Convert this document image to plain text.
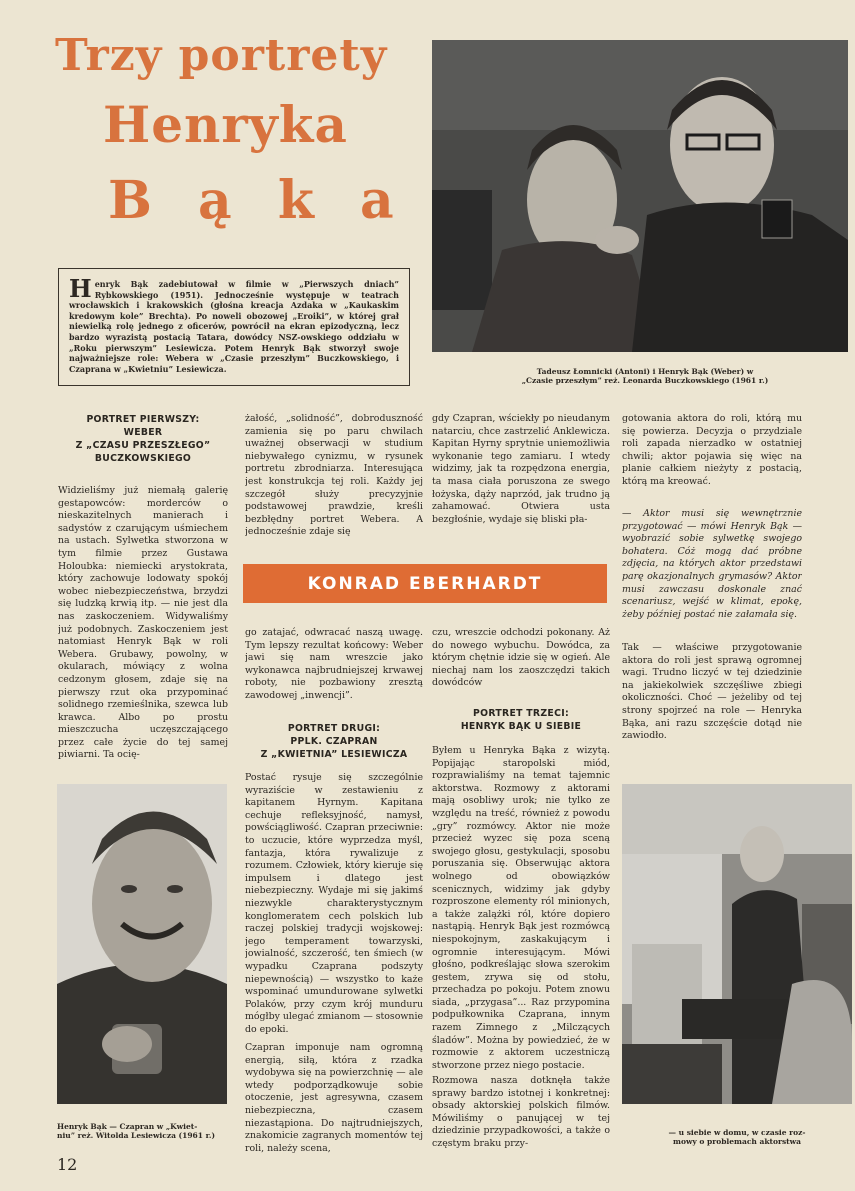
Trzy portrety
Henryka
B ą k a
Tadeusz Łomnicki (Antoni) i Henryk Bąk (Weber) w
„Czasie przeszłym” reż. Leonarda Buczkowskiego (1961 r.)
Henryk Bąk zadebiutował w filmie w „Pierwszych dniach” Rybkowskiego (1951). Jednocześnie występuje w teatrach wrocławskich i krakowskich (głośna kreacja Azdaka w „Kaukaskim kredowym kole” Brechta). Po noweli obozowej „Eroiki”, w której grał niewielką rolę jednego z oficerów, powrócił na ekran epizodyczną, lecz bardzo wyrazistą postacią Tatara, dowódcy NSZ-owskiego oddziału w „Roku pierwszym” Lesiewicza. Potem Henryk Bąk stworzył swoje najważniejsze role: Webera w „Czasie przeszłym” Buczkowskiego, i Czaprana w „Kwietniu” Lesiewicza.
PORTRET PIERWSZY:
WEBER
Z „CZASU PRZESZŁEGO”
BUCZKOWSKIEGO
Widzieliśmy już niemałą galerię gestapowców: morderców o nieskazitelnych manierach i sadystów z czarującym uśmiechem na ustach. Sylwetka stworzona w tym filmie przez Gustawa Holoubka: niemiecki arystokrata, który zachowuje lodowaty spokój wobec niebezpieczeństwa, brzydzi się ludzką krwią itp. — nie jest dla nas zaskoczeniem. Widywaliśmy już podobnych. Zaskoczeniem jest natomiast Henryk Bąk w roli Webera. Grubawy, powolny, w okularach, mówiący z wolna cedzonym głosem, zdaje się na pierwszy rzut oka przypominać solidnego rzemieślnika, szewca lub krawca. Albo po prostu mieszczucha uczęszczającego przez całe życie do tej samej piwiarni. Ta ocię-
żałość, „solidność”, dobroduszność zamienia się po paru chwilach uważnej obserwacji w studium niebywałego cynizmu, w rysunek portretu zbrodniarza. Interesująca jest konstrukcja tej roli. Każdy jej szczegół służy precyzyjnie podstawowej prawdzie, kreśli bezbłędny portret Webera. A jednocześnie zdaje się
gdy Czapran, wściekły po nieudanym natarciu, chce zastrzelić Anklewicza. Kapitan Hyrny sprytnie uniemożliwia wykonanie tego zamiaru. I wtedy widzimy, jak ta rozpędzona energia, ta masa ciała poruszona ze swego łożyska, dąży naprzód, jak trudno ją zahamować. Otwiera usta bezgłośnie, wydaje się bliski pła-
gotowania aktora do roli, którą mu się powierza. Decyzja o przydziale roli zapada nierzadko w ostatniej chwili; aktor pojawia się więc na planie całkiem nieżyty z postacią, którą ma kreować.
— Aktor musi się wewnętrznie przygotować — mówi Henryk Bąk — wyobrazić sobie sylwetkę swojego bohatera. Cóż mogą dać próbne zdjęcia, na których aktor przedstawi parę okazjonalnych grymasów? Aktor musi zawczasu doskonale znać scenariusz, wejść w klimat, epokę, żeby później postać nie załamała się.
Tak — właściwe przygotowanie aktora do roli jest sprawą ogromnej wagi. Trudno liczyć w tej dziedzinie na jakiekolwiek szczęśliwe zbiegi okoliczności. Choć — jeżeliby od tej strony spojrzeć na role — Henryka Bąka, ani razu szczęście dotąd nie zawiodło.
KONRAD EBERHARDT
go zatajać, odwracać naszą uwagę. Tym lepszy rezultat końcowy: Weber jawi się nam wreszcie jako wykonawca najbrudniejszej krwawej roboty, nie pozbawiony zresztą zawodowej „inwencji”.
czu, wreszcie odchodzi pokonany. Aż do nowego wybuchu. Dowódca, za którym chętnie idzie się w ogień. Ale niechaj nam los zaoszczędzi takich dowódców
PORTRET DRUGI:
PPLK. CZAPRAN
Z „KWIETNIA” LESIEWICZA
PORTRET TRZECI:
HENRYK BĄK U SIEBIE
Postać rysuje się szczególnie wyraziście w zestawieniu z kapitanem Hyrnym. Kapitana cechuje refleksyjność, namysł, powściągliwość. Czapran przeciwnie: to uczucie, które wyprzedza myśl, fantazja, która rywalizuje z rozumem. Człowiek, który kieruje się impulsem i dlatego jest niebezpieczny. Wydaje mi się jakimś niezwykle charakterystycznym konglomeratem cech polskich lub raczej polskiej tradycji wojskowej: jego temperament towarzyski, jowialność, szczerość, ten śmiech (w wypadku Czaprana podszyty niepewnością) — wszystko to każe wspominać umundurowane sylwetki Polaków, przy czym krój munduru mógłby ulegać zmianom — stosownie do epoki.
Czapran imponuje nam ogromną energią, siłą, która z rzadka wydobywa się na powierzchnię — ale wtedy podporządkowuje sobie otoczenie, jest agresywna, czasem niebezpieczna, czasem niezastąpiona. Do najtrudniejszych, znakomicie zagranych momentów tej roli, należy scena,
Byłem u Henryka Bąka z wizytą. Popijając staropolski miód, rozprawialiśmy na temat tajemnic aktorstwa. Rozmowy z aktorami mają osobliwy urok; nie tylko ze względu na treść, również z powodu „gry” rozmówcy. Aktor nie może przecież wyzec się poza sceną swojego głosu, gestykulacji, sposobu poruszania się. Obserwując aktora wolnego od obowiązków scenicznych, widzimy jak gdyby rozproszone elementy ról minionych, a także zalążki ról, które dopiero nastąpią. Henryk Bąk jest rozmówcą niespokojnym, zaskakującym i ogromnie interesującym. Mówi głośno, podkreślając słowa szerokim gestem, zrywa się od stołu, przechadza po pokoju. Potem znowu siada, „przygasa”... Raz przypomina podpułkownika Czaprana, innym razem Zimnego z „Milczących śladów”. Można by powiedzieć, że w rozmowie z aktorem uczestniczą stworzone przez niego postacie.
Rozmowa nasza dotknęła także sprawy bardzo istotnej i konkretnej: obsady aktorskiej polskich filmów. Mówiliśmy o panującej w tej dziedzinie przypadkowości, a także o częstym braku przy-
Henryk Bąk — Czapran w „Kwiet-
niu” reż. Witolda Lesiewicza (1961 r.)	— u siebie w domu, w czasie roz-
mowy o problemach aktorstwa
12
